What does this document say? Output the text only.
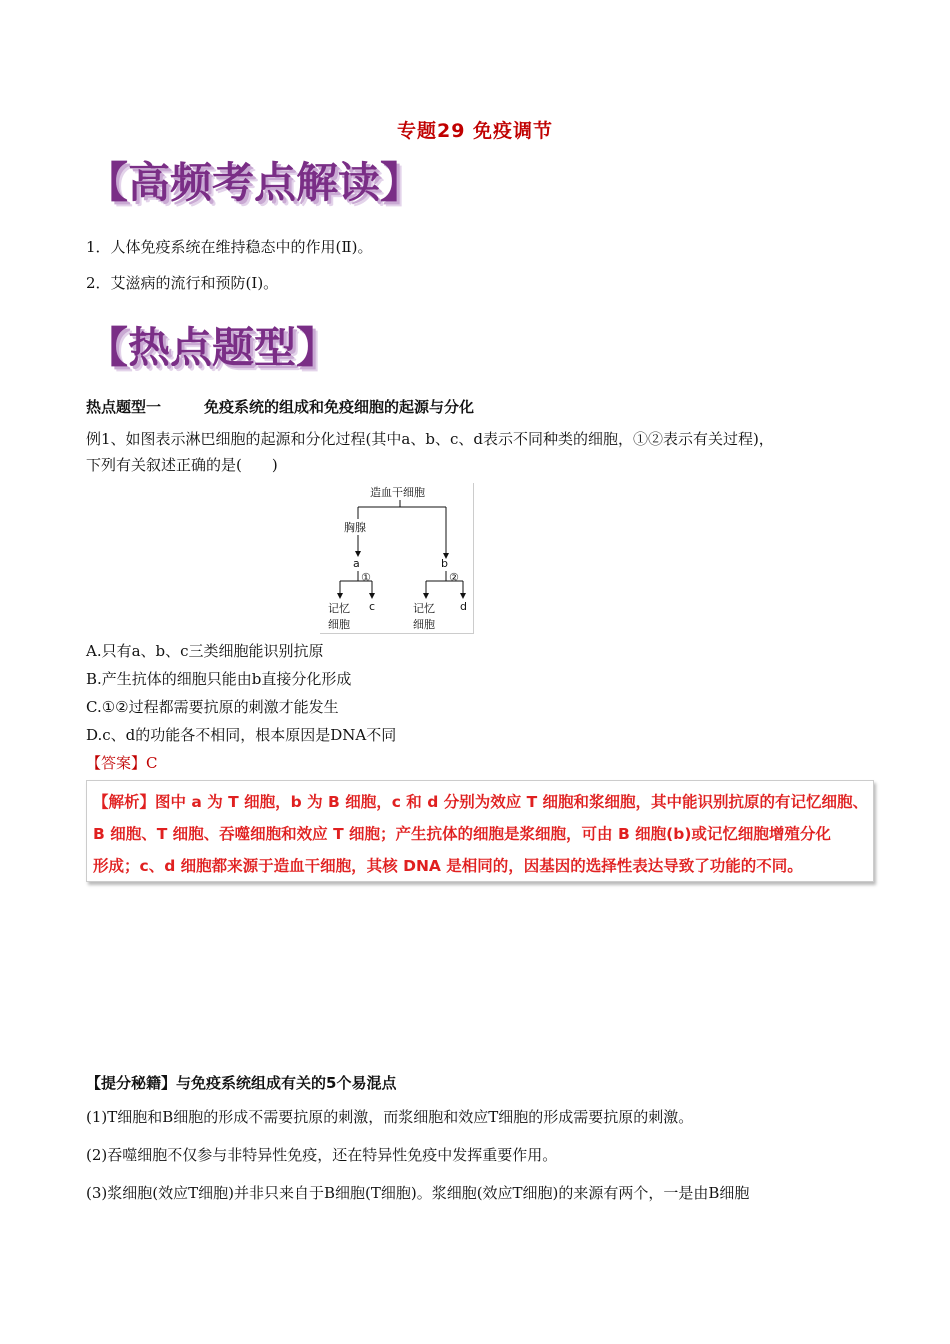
专题29 免疫调节
【高频考点解读】
1．人体免疫系统在维持稳态中的作用(Ⅱ)。
2．艾滋病的流行和预防(Ⅰ)。
【热点题型】
热点题型一	免疫系统的组成和免疫细胞的起源与分化
例1、如图表示淋巴细胞的起源和分化过程(其中a、b、c、d表示不同种类的细胞，①②表示有关过程)，
下列有关叙述正确的是(　　)
造血干细胞
胸腺
a	b
①	②
记忆
细胞
c	记忆
细胞
d
A.只有a、b、c三类细胞能识别抗原
B.产生抗体的细胞只能由b直接分化形成
C.①②过程都需要抗原的刺激才能发生
D.c、d的功能各不相同，根本原因是DNA不同
【答案】C

【解析】图中 a 为 T 细胞，b 为 B 细胞，c 和 d 分别为效应 T 细胞和浆细胞，其中能识别抗原的有记忆细胞、

B 细胞、T 细胞、吞噬细胞和效应 T 细胞；产生抗体的细胞是浆细胞，可由 B 细胞(b)或记忆细胞增殖分化

形成；c、d 细胞都来源于造血干细胞，其核 DNA 是相同的，因基因的选择性表达导致了功能的不同。

【提分秘籍】与免疫系统组成有关的5个易混点
(1)T细胞和B细胞的形成不需要抗原的刺激，而浆细胞和效应T细胞的形成需要抗原的刺激。
(2)吞噬细胞不仅参与非特异性免疫，还在特异性免疫中发挥重要作用。
(3)浆细胞(效应T细胞)并非只来自于B细胞(T细胞)。浆细胞(效应T细胞)的来源有两个，一是由B细胞
